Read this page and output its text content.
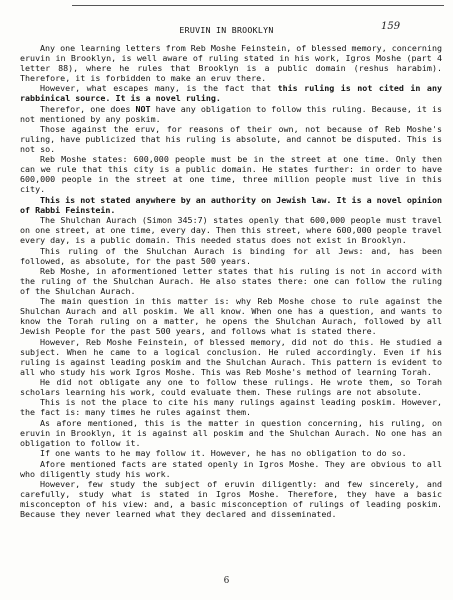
ERUVIN IN BROOKLYN	159

Any one learning letters from Reb Moshe Feinstein, of blessed memory, concerning eruvin in Brooklyn, is well aware of ruling stated in his work, Igros Moshe (part 4 letter 88), where he rules that Brooklyn is a public domain (reshus harabim). Therefore, it is forbidden to make an eruv there.

However, what escapes many, is the fact that this ruling is not cited in any rabbinical source. It is a novel ruling.

Therefor, one does NOT have any obligation to follow this ruling. Because, it is not mentioned by any poskim.

Those against the eruv, for reasons of their own, not because of Reb Moshe's ruling, have publicized that his ruling is absolute, and cannot be disputed. This is not so.

Reb Moshe states: 600,000 people must be in the street at one time. Only then can we rule that this city is a public domain. He states further: in order to have 600,000 people in the street at one time, three million people must live in this city.

This is not stated anywhere by an authority on Jewish law. It is a novel opinion of Rabbi Feinstein.

The Shulchan Aurach (Simon 345:7) states openly that 600,000 people must travel on one street, at one time, every day. Then this street, where 600,000 people travel every day, is a public domain. This needed status does not exist in Brooklyn.

This ruling of the Shulchan Aurach is binding for all Jews: and, has been followed, as absolute, for the past 500 years.

Reb Moshe, in aformentioned letter states that his ruling is not in accord with the ruling of the Shulchan Aurach. He also states there: one can follow the ruling of the Shulchan Aurach.

The main question in this matter is: why Reb Moshe chose to rule against the Shulchan Aurach and all poskim. We all know. When one has a question, and wants to know the Torah ruling on a matter, he opens the Shulchan Aurach, followed by all Jewish People for the past 500 years, and follows what is stated there.

However, Reb Moshe Feinstein, of blessed memory, did not do this. He studied a subject. When he came to a logical conclusion. He ruled accordingly. Even if his ruling is against leading poskim and the Shulchan Aurach. This pattern is evident to all who study his work Igros Moshe. This was Reb Moshe's method of learning Torah.

He did not obligate any one to follow these rulings. He wrote them, so Torah scholars learning his work, could evaluate them. These rulings are not absolute.

This is not the place to cite his many rulings against leading poskim. However, the fact is: many times he rules against them.

As afore mentioned, this is the matter in question concerning, his ruling, on eruvin in Brooklyn, it is against all poskim and the Shulchan Aurach. No one has an obligation to follow it.

If one wants to he may follow it. However, he has no obligation to do so.

Afore mentioned facts are stated openly in Igros Moshe. They are obvious to all who diligently study his work.

However, few study the subject of eruvin diligently: and few sincerely, and carefully, study what is stated in Igros Moshe. Therefore, they have a basic misconcepton of his view: and, a basic misconception of rulings of leading poskim. Because they never learned what they declared and disseminated.

6
